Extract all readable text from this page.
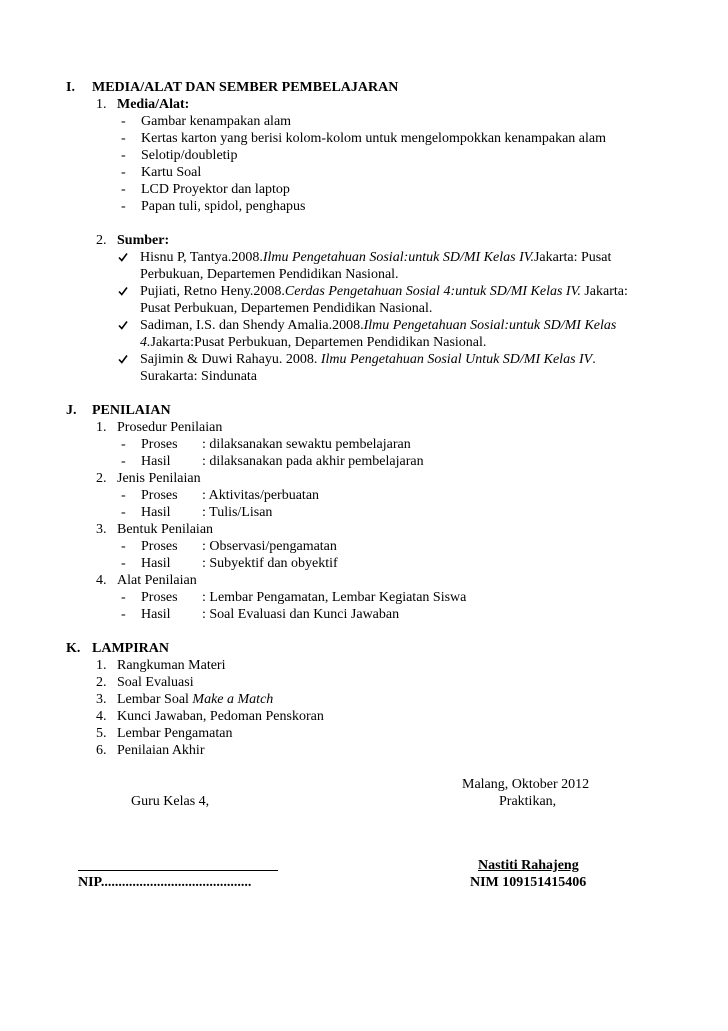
I. MEDIA/ALAT DAN SEMBER PEMBELAJARAN
1. Media/Alat:
- Gambar kenampakan alam
- Kertas karton yang berisi kolom-kolom untuk mengelompokkan kenampakan alam
- Selotip/doubletip
- Kartu Soal
- LCD Proyektor dan laptop
- Papan tuli, spidol, penghapus
2. Sumber:
Hisnu P, Tantya.2008.Ilmu Pengetahuan Sosial:untuk SD/MI Kelas IV.Jakarta: Pusat
Perbukuan, Departemen Pendidikan Nasional.
Pujiati, Retno Heny.2008.Cerdas Pengetahuan Sosial 4:untuk SD/MI Kelas IV. Jakarta:
Pusat Perbukuan, Departemen Pendidikan Nasional.
Sadiman, I.S. dan Shendy Amalia.2008.Ilmu Pengetahuan Sosial:untuk SD/MI Kelas
4.Jakarta:Pusat Perbukuan, Departemen Pendidikan Nasional.
Sajimin & Duwi Rahayu. 2008. Ilmu Pengetahuan Sosial Untuk SD/MI Kelas IV.
Surakarta: Sindunata
J. PENILAIAN
1. Prosedur Penilaian
- Proses : dilaksanakan sewaktu pembelajaran
- Hasil : dilaksanakan pada akhir pembelajaran
2. Jenis Penilaian
- Proses : Aktivitas/perbuatan
- Hasil : Tulis/Lisan
3. Bentuk Penilaian
- Proses : Observasi/pengamatan
- Hasil : Subyektif dan obyektif
4. Alat Penilaian
- Proses : Lembar Pengamatan, Lembar Kegiatan Siswa
- Hasil : Soal Evaluasi dan Kunci Jawaban
K. LAMPIRAN
1. Rangkuman Materi
2. Soal Evaluasi
3. Lembar Soal Make a Match
4. Kunci Jawaban, Pedoman Penskoran
5. Lembar Pengamatan
6. Penilaian Akhir
Malang, Oktober 2012
Guru Kelas 4,	Praktikan,
NIP...........................................
Nastiti Rahajeng
NIM 109151415406
